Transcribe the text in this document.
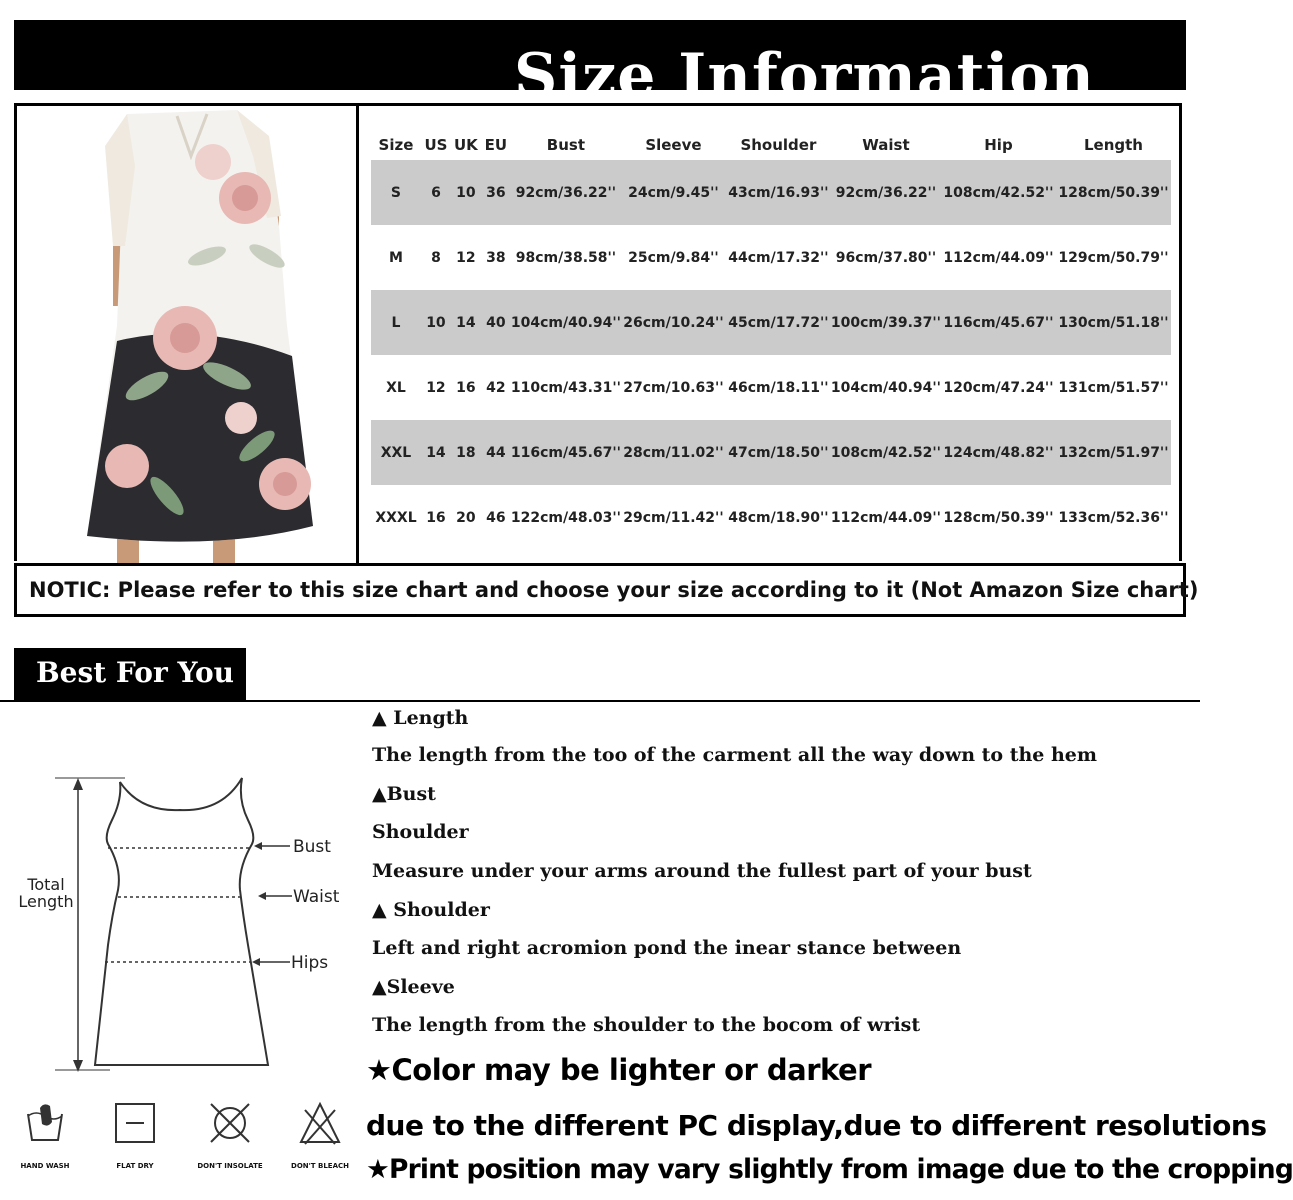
Size Information
Size	US	UK	EU	Bust	Sleeve	Shoulder	Waist	Hip	Length
S	6	10	36	92cm/36.22''	24cm/9.45''	43cm/16.93''	92cm/36.22''	108cm/42.52''	128cm/50.39''
M	8	12	38	98cm/38.58''	25cm/9.84''	44cm/17.32''	96cm/37.80''	112cm/44.09''	129cm/50.79''
L	10	14	40	104cm/40.94''	26cm/10.24''	45cm/17.72''	100cm/39.37''	116cm/45.67''	130cm/51.18''
XL	12	16	42	110cm/43.31''	27cm/10.63''	46cm/18.11''	104cm/40.94''	120cm/47.24''	131cm/51.57''
XXL	14	18	44	116cm/45.67''	28cm/11.02''	47cm/18.50''	108cm/42.52''	124cm/48.82''	132cm/51.97''
XXXL	16	20	46	122cm/48.03''	29cm/11.42''	48cm/18.90''	112cm/44.09''	128cm/50.39''	133cm/52.36''
NOTIC: Please refer to this size chart and choose your size according to it (Not Amazon Size chart)
Best For You
Total
Length
Bust
Waist
Hips
HAND WASH	FLAT DRY	DON'T INSOLATE	DON'T BLEACH
▲ Length
The length from the too of the carment all the way down to the hem
▲Bust
Shoulder
Measure under your arms around the fullest part of your bust
▲ Shoulder
Left and right acromion pond the inear stance between
▲Sleeve
The length from the shoulder to the bocom of wrist
★Color may be lighter or darker
due to the different PC display,due to different resolutions
★Print position may vary slightly from image due to the cropping
